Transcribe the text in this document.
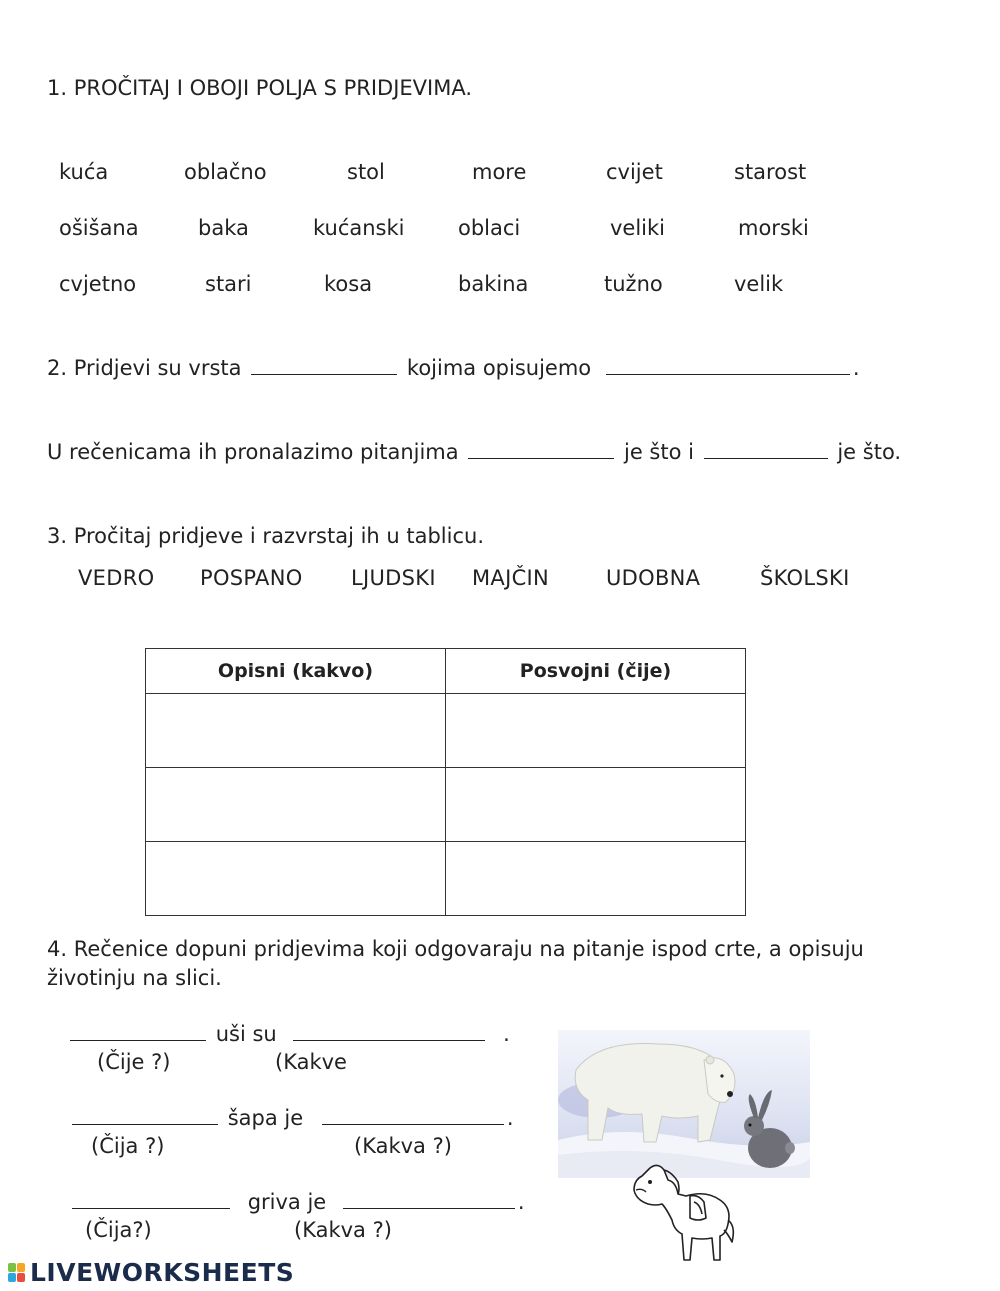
1. PROČITAJ I OBOJI POLJA S PRIDJEVIMA.
kuća	oblačno	stol	more	cvijet	starost
ošišana	baka	kućanski	oblaci	veliki	morski
cvjetno	stari	kosa	bakina	tužno	velik
2. Pridjevi su vrsta	kojima opisujemo	.
U rečenicama ih pronalazimo pitanjima	je što i	je što.
3. Pročitaj pridjeve i razvrstaj ih u tablicu.
VEDRO POSPANO LJUDSKI MAJČIN	UDOBNA	ŠKOLSKI
Opisni (kakvo)	Posvojni (čije)

4. Rečenice dopuni pridjevima koji odgovaraju na pitanje ispod crte, a opisuju
životinju na slici.
uši su	.
(Čije ?)	(Kakve
šapa je	.
(Čija ?)	(Kakva ?)
griva je	.
(Čija?)	(Kakva ?)
LIVEWORKSHEETS
